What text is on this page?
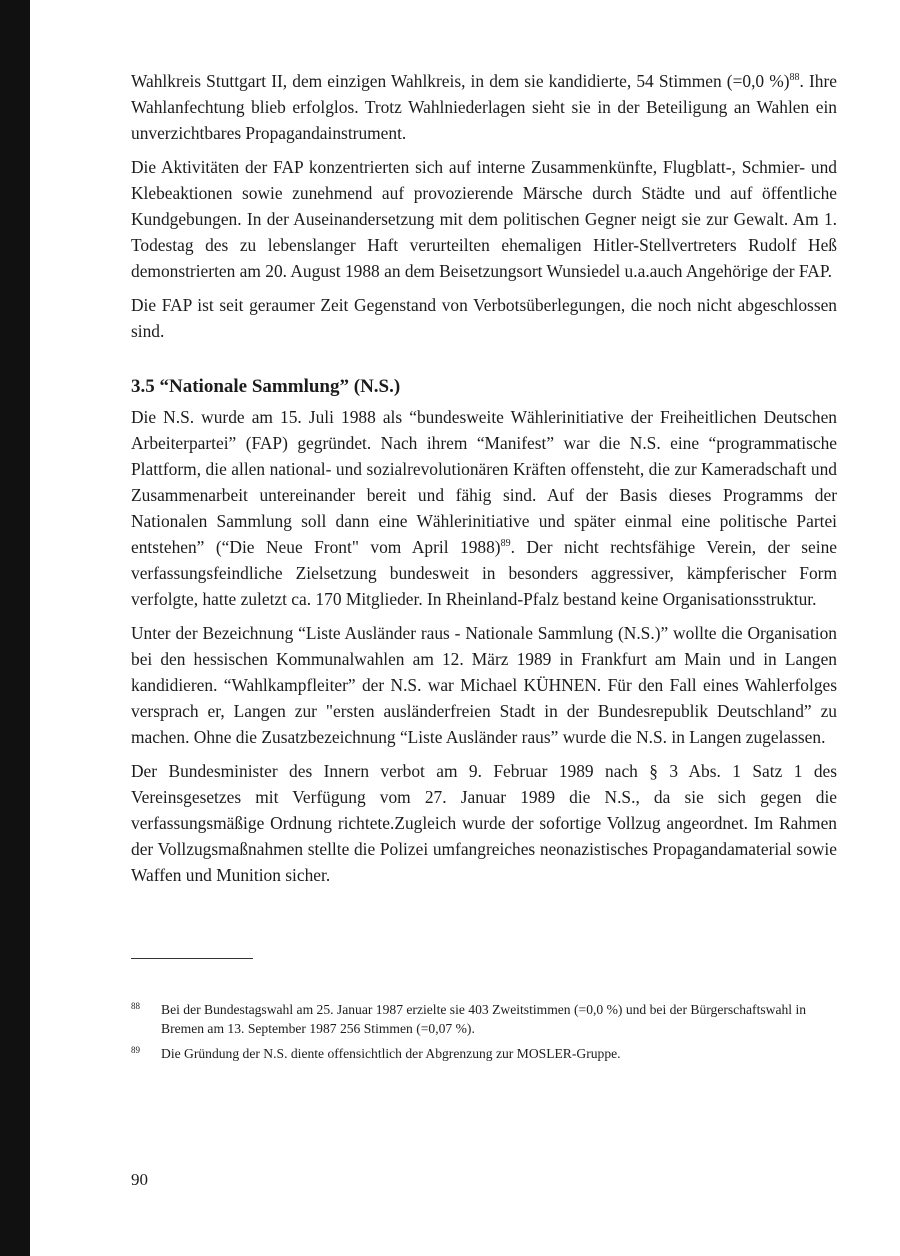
Wahlkreis Stuttgart II, dem einzigen Wahlkreis, in dem sie kandidierte, 54 Stimmen (=0,0 %)$^{88}$. Ihre Wahlanfechtung blieb erfolglos. Trotz Wahlniederlagen sieht sie in der Beteiligung an Wahlen ein unverzichtbares Propagandainstrument.

Die Aktivitäten der FAP konzentrierten sich auf interne Zusammenkünfte, Flugblatt-, Schmier- und Klebeaktionen sowie zunehmend auf provozierende Märsche durch Städte und auf öffentliche Kundgebungen. In der Auseinandersetzung mit dem politischen Gegner neigt sie zur Gewalt. Am 1. Todestag des zu lebenslanger Haft verurteilten ehemaligen Hitler-Stellvertreters Rudolf Heß demonstrierten am 20. August 1988 an dem Beisetzungsort Wunsiedel u.a.auch Angehörige der FAP.

Die FAP ist seit geraumer Zeit Gegenstand von Verbotsüberlegungen, die noch nicht abgeschlossen sind.

3.5 “Nationale Sammlung” (N.S.)

Die N.S. wurde am 15. Juli 1988 als “bundesweite Wählerinitiative der Freiheitlichen Deutschen Arbeiterpartei” (FAP) gegründet. Nach ihrem “Manifest” war die N.S. eine “programmatische Plattform, die allen national- und sozialrevolutionären Kräften offensteht, die zur Kameradschaft und Zusammenarbeit untereinander bereit und fähig sind. Auf der Basis dieses Programms der Nationalen Sammlung soll dann eine Wählerinitiative und später einmal eine politische Partei entstehen” (“Die Neue Front" vom April 1988)$^{89}$. Der nicht rechtsfähige Verein, der seine verfassungsfeindliche Zielsetzung bundesweit in besonders aggressiver, kämpferischer Form verfolgte, hatte zuletzt ca. 170 Mitglieder. In Rheinland-Pfalz bestand keine Organisationsstruktur.

Unter der Bezeichnung “Liste Ausländer raus - Nationale Sammlung (N.S.)” wollte die Organisation bei den hessischen Kommunalwahlen am 12. März 1989 in Frankfurt am Main und in Langen kandidieren. “Wahlkampfleiter” der N.S. war Michael KÜHNEN. Für den Fall eines Wahlerfolges versprach er, Langen zur "ersten ausländerfreien Stadt in der Bundesrepublik Deutschland” zu machen. Ohne die Zusatzbezeichnung “Liste Ausländer raus” wurde die N.S. in Langen zugelassen.

Der Bundesminister des Innern verbot am 9. Februar 1989 nach § 3 Abs. 1 Satz 1 des Vereinsgesetzes mit Verfügung vom 27. Januar 1989 die N.S., da sie sich gegen die verfassungsmäßige Ordnung richtete.Zugleich wurde der sofortige Vollzug angeordnet. Im Rahmen der Vollzugsmaßnahmen stellte die Polizei umfangreiches neonazistisches Propagandamaterial sowie Waffen und Munition sicher.

88 Bei der Bundestagswahl am 25. Januar 1987 erzielte sie 403 Zweitstimmen (=0,0 %) und bei der Bürgerschaftswahl in Bremen am 13. September 1987 256 Stimmen (=0,07 %).
89 Die Gründung der N.S. diente offensichtlich der Abgrenzung zur MOSLER-Gruppe.
90
